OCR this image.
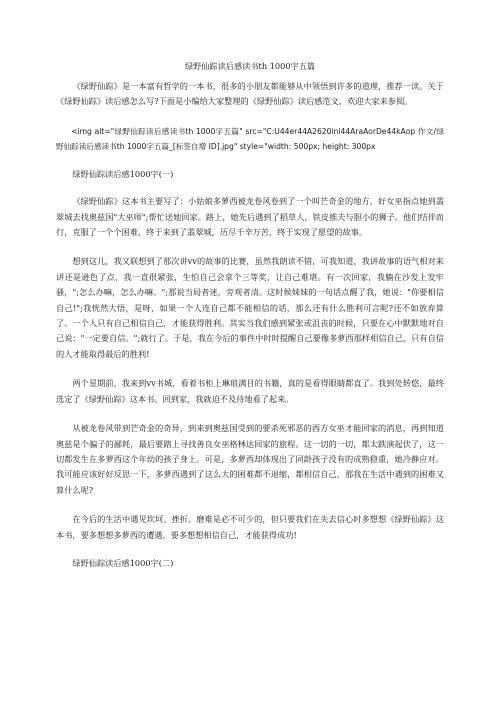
绿野仙踪读后感读书th 1000字五篇

《绿野仙踪》是一本富有哲学的一本书，很多的小朋友都能够从中领悟到许多的道理，推荐一读。关于《绿野仙踪》读后感怎么写?下面是小编给大家整理的《绿野仙踪》读后感范文，欢迎大家来参阅。

<img alt="绿野仙踪读后感读书th 1000字五篇" src="C:U44er44A2620ini44AraAorDe44kAop 作文/绿野仙踪读后感读书th 1000字五篇_[标签自增 ID].jpg" style="width: 500px; height: 300px

绿野仙踪读后感1000字(一)

《绿野仙踪》这本书主要写了：小姑娘多萝西被龙卷风卷到了一个叫芒奇金的地方，好女巫指点她到翡翠城去找奥兹国"大巫师";帮忙送她回家。路上，她先后遇到了稻草人，铁皮推夫与胆小的狮子。他们结伴而行，克服了一个个困难，终于来到了翡翠城，历尽千辛万苦，终于实现了愿望的故事。

想到这儿，我又联想到了那次讲vv的故事的比赛，虽然我朗读不错，可我知道，我讲故事的语气相对来讲还是逊色了点，我一直很紧张，生怕自己会拿个三等奖，让自己难堪。有一次回家，我躺在沙发上发牢骚，";怎么办嘛，怎么办嘛。";那说当局者迷，旁观者清。这时候妹妹的一句话点醒了我，她说："你要相信自己!";我恍然大悟，是呀，如果一个人连自己都不能相信的话，那么还有什么胜利可言呢?还不如放弃算了。一个人只有自己相信自己，才能获得胜利。其实当我们感到紧张或沮丧的时候，只要在心中默默地对自己说："一定要自信。";就行了。于是，我在今后的事件中时时提醒自己要像多萝西那样相信自己，只有自信的人才能取得最后的胜利!

两个星期前，我来到vv书城，看着书柜上琳琅满目的书籍，真的是看得眼睛都直了。我到处转悠，最终选定了《绿野仙踪》这本书。回到家，我就迫不及待地看了起来。

从被龙卷风带到芒奇金的奇异，到来到奥兹国受到的要杀死邪恶的西方女巫才能回家的消息，再到知道奥兹是个骗子的鄙耗，最后要踏上寻找善良女巫格林达回家的旅程。这一切的一切，都太跌演起伏了，这一切都发生在多萝西这个年幼的孩子身上。可是，多萝西却体现出了同龄孩子没有的成熟稳重，她冷静应对。我可能应该好好反思一下，多萝西遇到了这么大的困难都不退缩，都相信自己，那我在生活中遇到的困难又算什么呢?

在今后的生活中遇见坎坷、挫折、磨难是必不可少的，但只要我们在失去信心时多想想《绿野仙踪》这本书，要多想想多萝西的遭遇，要多想想相信自己，才能获得成功!

绿野仙踪读后感1000字(二)
